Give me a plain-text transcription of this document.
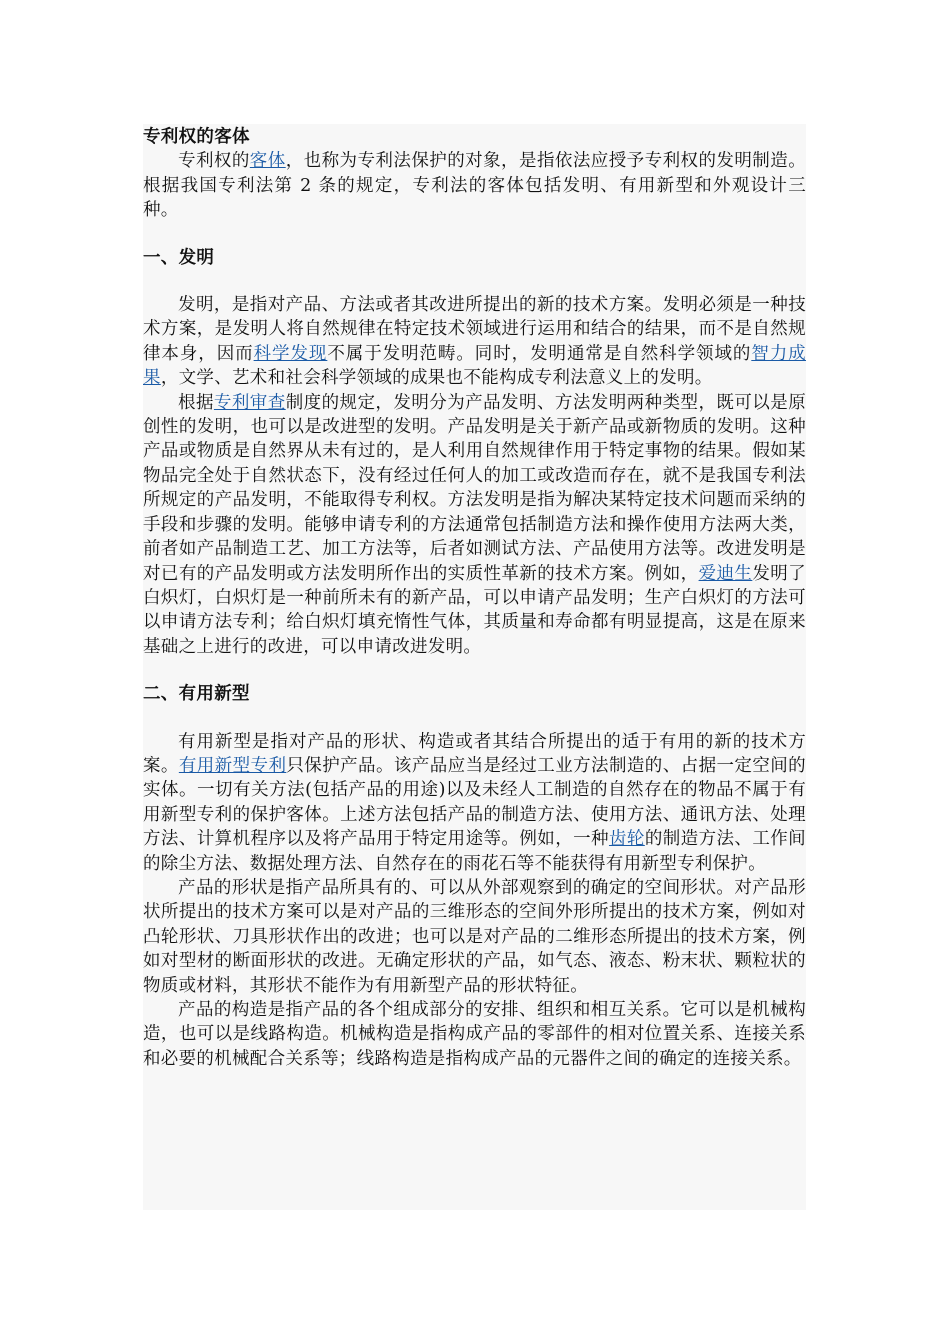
专利权的客体

专利权的客体，也称为专利法保护的对象，是指依法应授予专利权的发明制造。根据我国专利法第 2 条的规定，专利法的客体包括发明、有用新型和外观设计三种。

一、发明

发明，是指对产品、方法或者其改进所提出的新的技术方案。发明必须是一种技术方案，是发明人将自然规律在特定技术领域进行运用和结合的结果，而不是自然规律本身，因而科学发现不属于发明范畴。同时，发明通常是自然科学领域的智力成果，文学、艺术和社会科学领域的成果也不能构成专利法意义上的发明。

根据专利审查制度的规定，发明分为产品发明、方法发明两种类型，既可以是原创性的发明，也可以是改进型的发明。产品发明是关于新产品或新物质的发明。这种产品或物质是自然界从未有过的，是人利用自然规律作用于特定事物的结果。假如某物品完全处于自然状态下，没有经过任何人的加工或改造而存在，就不是我国专利法所规定的产品发明，不能取得专利权。方法发明是指为解决某特定技术问题而采纳的手段和步骤的发明。能够申请专利的方法通常包括制造方法和操作使用方法两大类，前者如产品制造工艺、加工方法等，后者如测试方法、产品使用方法等。改进发明是对已有的产品发明或方法发明所作出的实质性革新的技术方案。例如，爱迪生发明了白炽灯，白炽灯是一种前所未有的新产品，可以申请产品发明；生产白炽灯的方法可以申请方法专利；给白炽灯填充惰性气体，其质量和寿命都有明显提高，这是在原来基础之上进行的改进，可以申请改进发明。

二、有用新型

有用新型是指对产品的形状、构造或者其结合所提出的适于有用的新的技术方案。有用新型专利只保护产品。该产品应当是经过工业方法制造的、占据一定空间的实体。一切有关方法(包括产品的用途)以及未经人工制造的自然存在的物品不属于有用新型专利的保护客体。上述方法包括产品的制造方法、使用方法、通讯方法、处理方法、计算机程序以及将产品用于特定用途等。例如，一种齿轮的制造方法、工作间的除尘方法、数据处理方法、自然存在的雨花石等不能获得有用新型专利保护。

产品的形状是指产品所具有的、可以从外部观察到的确定的空间形状。对产品形状所提出的技术方案可以是对产品的三维形态的空间外形所提出的技术方案，例如对凸轮形状、刀具形状作出的改进；也可以是对产品的二维形态所提出的技术方案，例如对型材的断面形状的改进。无确定形状的产品，如气态、液态、粉末状、颗粒状的物质或材料，其形状不能作为有用新型产品的形状特征。

产品的构造是指产品的各个组成部分的安排、组织和相互关系。它可以是机械构造，也可以是线路构造。机械构造是指构成产品的零部件的相对位置关系、连接关系和必要的机械配合关系等；线路构造是指构成产品的元器件之间的确定的连接关系。
